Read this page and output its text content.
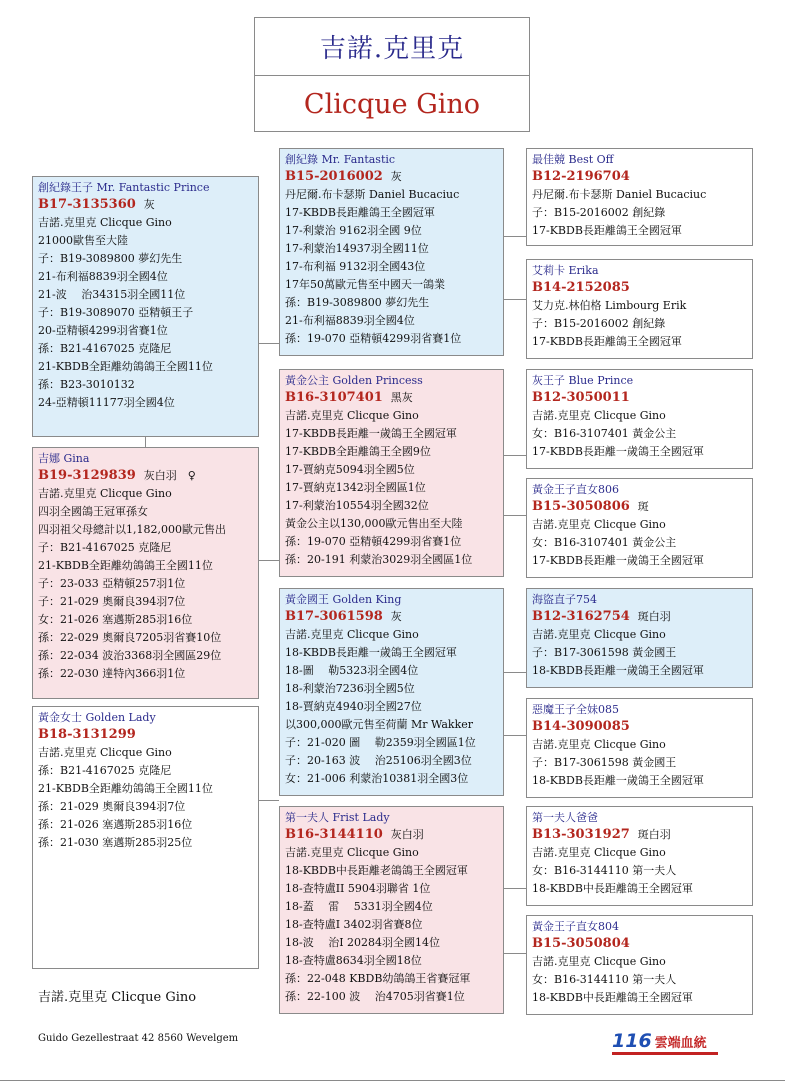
吉諾.克里克
Clicque Gino
創紀錄王子 Mr. Fantastic Prince
B17-3135360 灰
吉諾.克里克 Clicque Gino
21000歐售至大陸
子：B19-3089800 夢幻先生
21-布利福8839羽全國4位
21-波　 治34315羽全國11位
子：B19-3089070 亞精頓王子
20-亞精頓4299羽省賽1位
孫：B21-4167025 克隆尼
21-KBDB全距離幼鴿鴿王全國11位
孫：B23-3010132
24-亞精頓11177羽全國4位
吉娜 Gina
B19-3129839 灰白羽　♀
吉諾.克里克 Clicque Gino
四羽全國鴿王冠軍孫女
四羽祖父母總計以1,182,000歐元售出
子：B21-4167025 克隆尼
21-KBDB全距離幼鴿鴿王全國11位
子：23-033 亞精頓257羽1位
子：21-029 奧爾良394羽7位
女：21-026 塞邁斯285羽16位
孫：22-029 奧爾良7205羽省賽10位
孫：22-034 波治3368羽全國區29位
孫：22-030 達特內366羽1位
黃金女士 Golden Lady
B18-3131299
吉諾.克里克 Clicque Gino
孫：B21-4167025 克隆尼
21-KBDB全距離幼鴿鴿王全國11位
孫：21-029 奧爾良394羽7位
孫：21-026 塞邁斯285羽16位
孫：21-030 塞邁斯285羽25位
創紀錄 Mr. Fantastic
B15-2016002 灰
丹尼爾.布卡瑟斯 Daniel Bucaciuc
17-KBDB長距離鴿王全國冠軍
17-利蒙治 9162羽全國 9位
17-利蒙治14937羽全國11位
17-布利福 9132羽全國43位
17年50萬歐元售至中國天一鴿業
孫：B19-3089800 夢幻先生
21-布利福8839羽全國4位
孫：19-070 亞精頓4299羽省賽1位
黃金公主 Golden Princess
B16-3107401 黑灰
吉諾.克里克 Clicque Gino
17-KBDB長距離一歲鴿王全國冠軍
17-KBDB全距離鴿王全國9位
17-賈納克5094羽全國5位
17-賈納克1342羽全國區1位
17-利蒙治10554羽全國32位
黃金公主以130,000歐元售出至大陸
孫：19-070 亞精頓4299羽省賽1位
孫：20-191 利蒙治3029羽全國區1位
黃金國王 Golden King
B17-3061598 灰
吉諾.克里克 Clicque Gino
18-KBDB長距離一歲鴿王全國冠軍
18-圖　 勒5323羽全國4位
18-利蒙治7236羽全國5位
18-賈納克4940羽全國27位
以300,000歐元售至荷蘭 Mr Wakker
子：21-020 圖　 勒2359羽全國區1位
子：20-163 波　 治25106羽全國3位
女：21-006 利蒙治10381羽全國3位
第一夫人 Frist Lady
B16-3144110 灰白羽
吉諾.克里克 Clicque Gino
18-KBDB中長距離老鴿鴿王全國冠軍
18-查特盧II 5904羽聯省 1位
18-蓋　 雷　 5331羽全國4位
18-查特盧I 3402羽省賽8位
18-波　 治I 20284羽全國14位
18-查特盧8634羽全國18位
孫：22-048 KBDB幼鴿鴿王省賽冠軍
孫：22-100 波　 治4705羽省賽1位
最佳競 Best Off
B12-2196704
丹尼爾.布卡瑟斯 Daniel Bucaciuc
子：B15-2016002 創紀錄
17-KBDB長距離鴿王全國冠軍
艾莉卡 Erika
B14-2152085
艾力克.林伯格 Limbourg Erik
子：B15-2016002 創紀錄
17-KBDB長距離鴿王全國冠軍
灰王子 Blue Prince
B12-3050011
吉諾.克里克 Clicque Gino
女：B16-3107401 黃金公主
17-KBDB長距離一歲鴿王全國冠軍
黃金王子直女806
B15-3050806 斑
吉諾.克里克 Clicque Gino
女：B16-3107401 黃金公主
17-KBDB長距離一歲鴿王全國冠軍
海盜直子754
B12-3162754 斑白羽
吉諾.克里克 Clicque Gino
子：B17-3061598 黃金國王
18-KBDB長距離一歲鴿王全國冠軍
惡魔王子全妹085
B14-3090085
吉諾.克里克 Clicque Gino
子：B17-3061598 黃金國王
18-KBDB長距離一歲鴿王全國冠軍
第一夫人爸爸
B13-3031927 斑白羽
吉諾.克里克 Clicque Gino
女：B16-3144110 第一夫人
18-KBDB中長距離鴿王全國冠軍
黃金王子直女804
B15-3050804
吉諾.克里克 Clicque Gino
女：B16-3144110 第一夫人
18-KBDB中長距離鴿王全國冠軍
吉諾.克里克 Clicque Gino
Guido Gezellestraat 42 8560 Wevelgem	116 雲端血統
